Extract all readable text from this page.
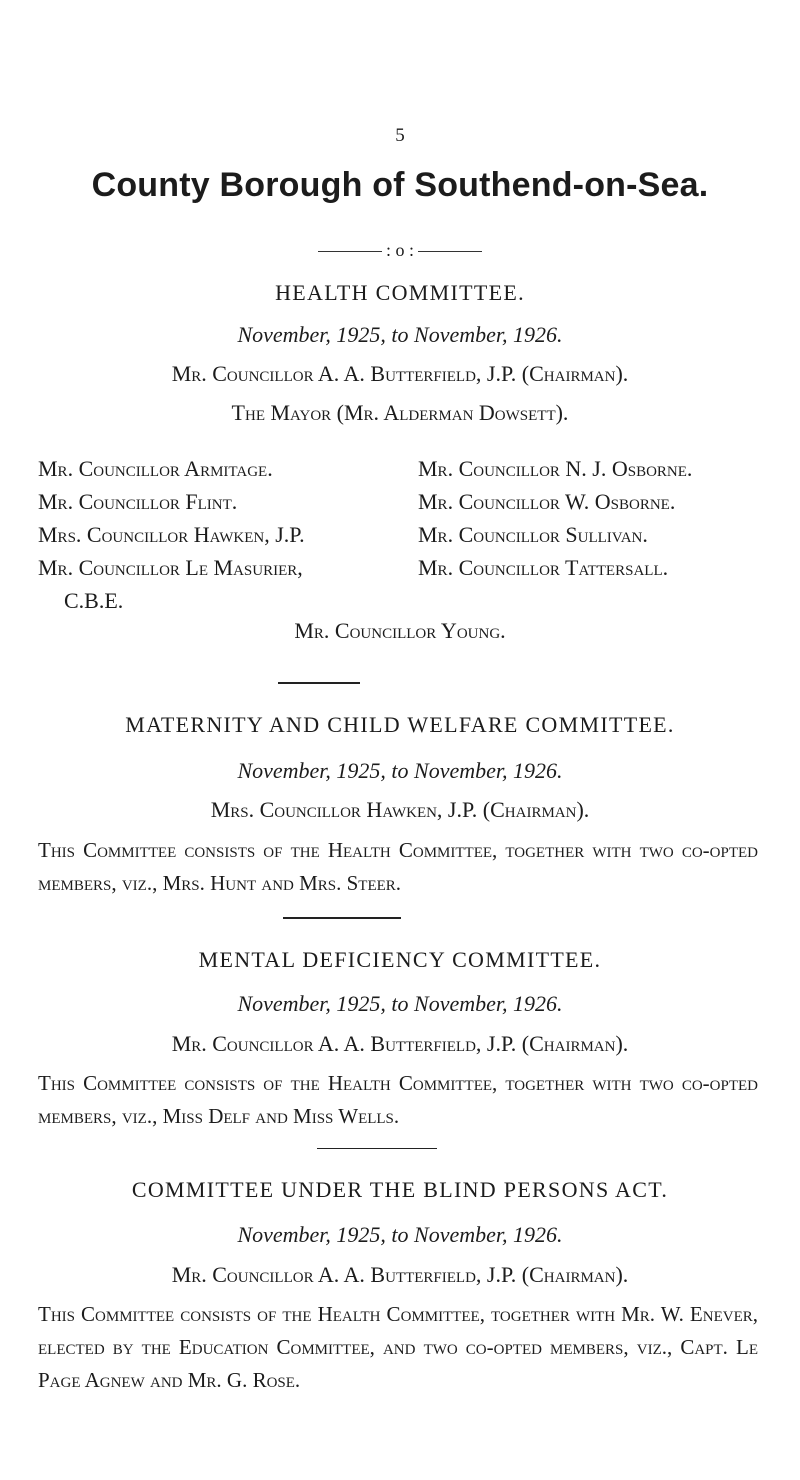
5
County Borough of Southend-on-Sea.
: o :
HEALTH COMMITTEE.
November, 1925, to November, 1926.
Mr. Councillor A. A. Butterfield, J.P. (Chairman).
The Mayor (Mr. Alderman Dowsett).
Mr. Councillor Armitage.	Mr. Councillor N. J. Osborne.
Mr. Councillor Flint.	Mr. Councillor W. Osborne.
Mrs. Councillor Hawken, J.P.	Mr. Councillor Sullivan.
Mr. Councillor Le Masurier,	Mr. Councillor Tattersall.
C.B.E.
Mr. Councillor Young.
MATERNITY AND CHILD WELFARE COMMITTEE.
November, 1925, to November, 1926.
Mrs. Councillor Hawken, J.P. (Chairman).
This Committee consists of the Health Committee, together with two co-opted members, viz., Mrs. Hunt and Mrs. Steer.
MENTAL DEFICIENCY COMMITTEE.
November, 1925, to November, 1926.
Mr. Councillor A. A. Butterfield, J.P. (Chairman).
This Committee consists of the Health Committee, together with two co-opted members, viz., Miss Delf and Miss Wells.
COMMITTEE UNDER THE BLIND PERSONS ACT.
November, 1925, to November, 1926.
Mr. Councillor A. A. Butterfield, J.P. (Chairman).
This Committee consists of the Health Committee, together with Mr. W. Enever, elected by the Education Committee, and two co-opted members, viz., Capt. Le Page Agnew and Mr. G. Rose.
